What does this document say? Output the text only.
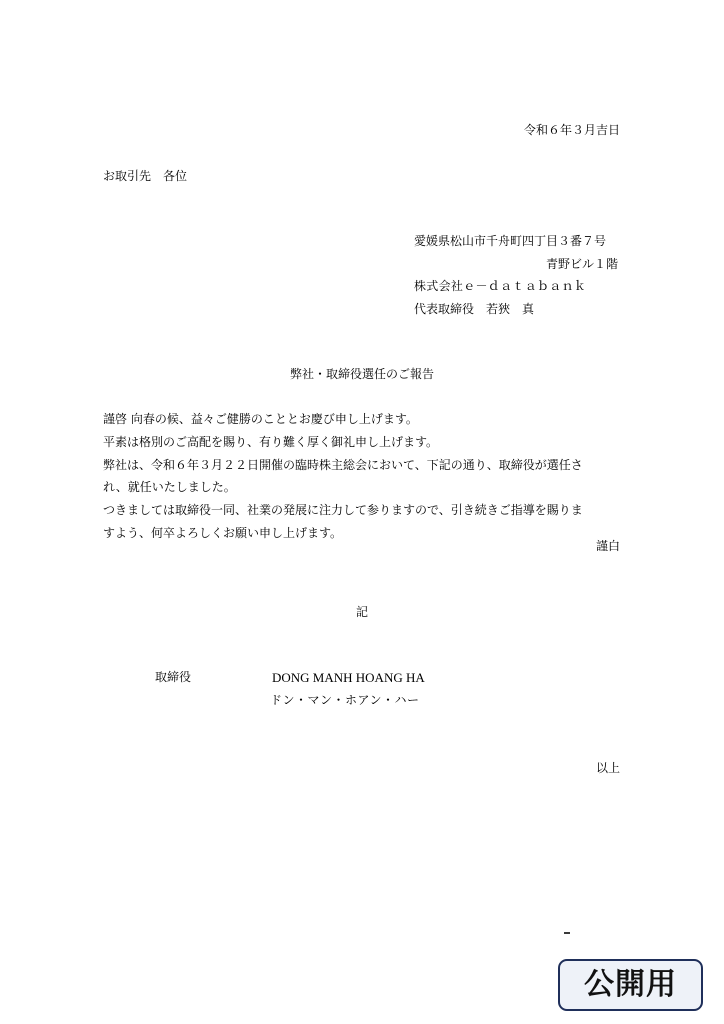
令和６年３月吉日
お取引先　各位
愛媛県松山市千舟町四丁目３番７号
青野ビル１階
株式会社ｅ－ｄａｔａｂａｎｋ
代表取締役　若狹　真
弊社・取締役選任のご報告
謹啓 向春の候、益々ご健勝のこととお慶び申し上げます。
平素は格別のご高配を賜り、有り難く厚く御礼申し上げます。
弊社は、令和６年３月２２日開催の臨時株主総会において、下記の通り、取締役が選任さ
れ、就任いたしました。
つきましては取締役一同、社業の発展に注力して参りますので、引き続きご指導を賜りま
すよう、何卒よろしくお願い申し上げます。
謹白
記
取締役	DONG MANH HOANG HA
ドン・マン・ホアン・ハー
以上
公開用
